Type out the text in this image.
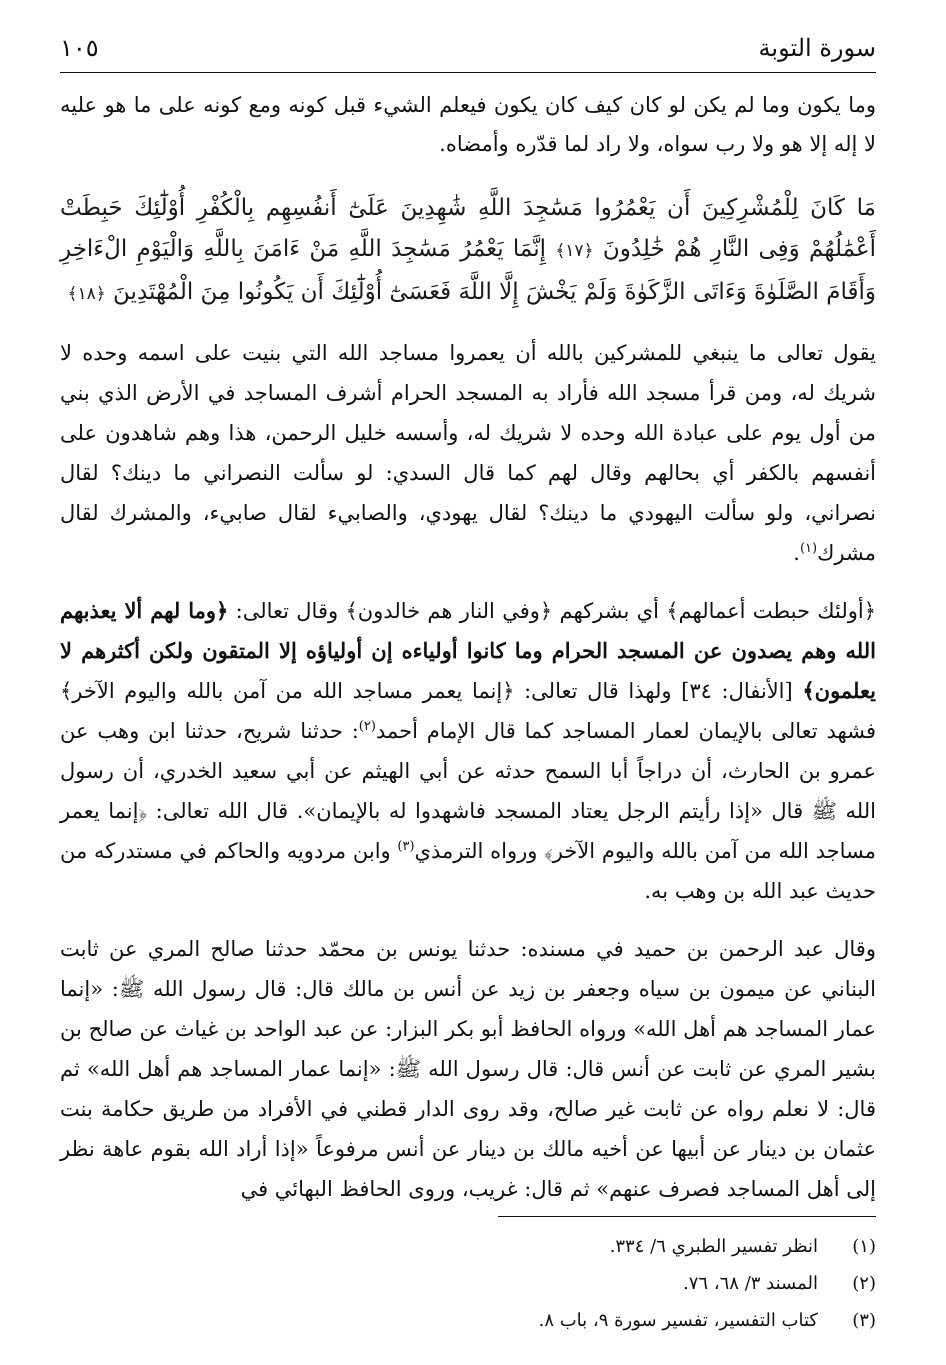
سورة التوبة
١٠٥

وما يكون وما لم يكن لو كان كيف كان يكون فيعلم الشيء قبل كونه ومع كونه على ما هو عليه لا إله إلا هو ولا رب سواه، ولا راد لما قدّره وأمضاه.

مَا كَانَ لِلْمُشْرِكِينَ أَن يَعْمُرُوا مَسَٰجِدَ اللَّهِ شَٰهِدِينَ عَلَىٰٓ أَنفُسِهِم بِالْكُفْرِ أُوْلَٰٓئِكَ حَبِطَتْ أَعْمَٰلُهُمْ وَفِى النَّارِ هُمْ خَٰلِدُونَ ﴿١٧﴾ إِنَّمَا يَعْمُرُ مَسَٰجِدَ اللَّهِ مَنْ ءَامَنَ بِاللَّهِ وَالْيَوْمِ الْءَاخِرِ وَأَقَامَ الصَّلَوٰةَ وَءَاتَى الزَّكَوٰةَ وَلَمْ يَخْشَ إِلَّا اللَّهَ فَعَسَىٰٓ أُوْلَٰٓئِكَ أَن يَكُونُوا مِنَ الْمُهْتَدِينَ ﴿١٨﴾

يقول تعالى ما ينبغي للمشركين بالله أن يعمروا مساجد الله التي بنيت على اسمه وحده لا شريك له، ومن قرأ مسجد الله فأراد به المسجد الحرام أشرف المساجد في الأرض الذي بني من أول يوم على عبادة الله وحده لا شريك له، وأسسه خليل الرحمن، هذا وهم شاهدون على أنفسهم بالكفر أي بحالهم وقال لهم كما قال السدي: لو سألت النصراني ما دينك؟ لقال نصراني، ولو سألت اليهودي ما دينك؟ لقال يهودي، والصابيء لقال صابيء، والمشرك لقال مشرك$^{(١)}$.

﴿أولئك حبطت أعمالهم﴾ أي بشركهم ﴿وفي النار هم خالدون﴾ وقال تعالى: ﴿وما لهم ألا يعذبهم الله وهم يصدون عن المسجد الحرام وما كانوا أولياءه إن أولياؤه إلا المتقون ولكن أكثرهم لا يعلمون﴾ [الأنفال: ٣٤] ولهذا قال تعالى: ﴿إنما يعمر مساجد الله من آمن بالله واليوم الآخر﴾ فشهد تعالى بالإيمان لعمار المساجد كما قال الإمام أحمد$^{(٢)}$: حدثنا شريح، حدثنا ابن وهب عن عمرو بن الحارث، أن دراجاً أبا السمح حدثه عن أبي الهيثم عن أبي سعيد الخدري، أن رسول الله ﷺ قال «إذا رأيتم الرجل يعتاد المسجد فاشهدوا له بالإيمان». قال الله تعالى: ﴿إنما يعمر مساجد الله من آمن بالله واليوم الآخر﴾ ورواه الترمذي$^{(٣)}$ وابن مردويه والحاكم في مستدركه من حديث عبد الله بن وهب به.

وقال عبد الرحمن بن حميد في مسنده: حدثنا يونس بن محمّد حدثنا صالح المري عن ثابت البناني عن ميمون بن سياه وجعفر بن زيد عن أنس بن مالك قال: قال رسول الله ﷺ: «إنما عمار المساجد هم أهل الله» ورواه الحافظ أبو بكر البزار: عن عبد الواحد بن غياث عن صالح بن بشير المري عن ثابت عن أنس قال: قال رسول الله ﷺ: «إنما عمار المساجد هم أهل الله» ثم قال: لا نعلم رواه عن ثابت غير صالح، وقد روى الدار قطني في الأفراد من طريق حكامة بنت عثمان بن دينار عن أبيها عن أخيه مالك بن دينار عن أنس مرفوعاً «إذا أراد الله بقوم عاهة نظر إلى أهل المساجد فصرف عنهم» ثم قال: غريب، وروى الحافظ البهائي في

(١)
انظر تفسير الطبري ٦/ ٣٣٤.
(٢)
المسند ٣/ ٦٨، ٧٦.
(٣)
كتاب التفسير، تفسير سورة ٩، باب ٨.
